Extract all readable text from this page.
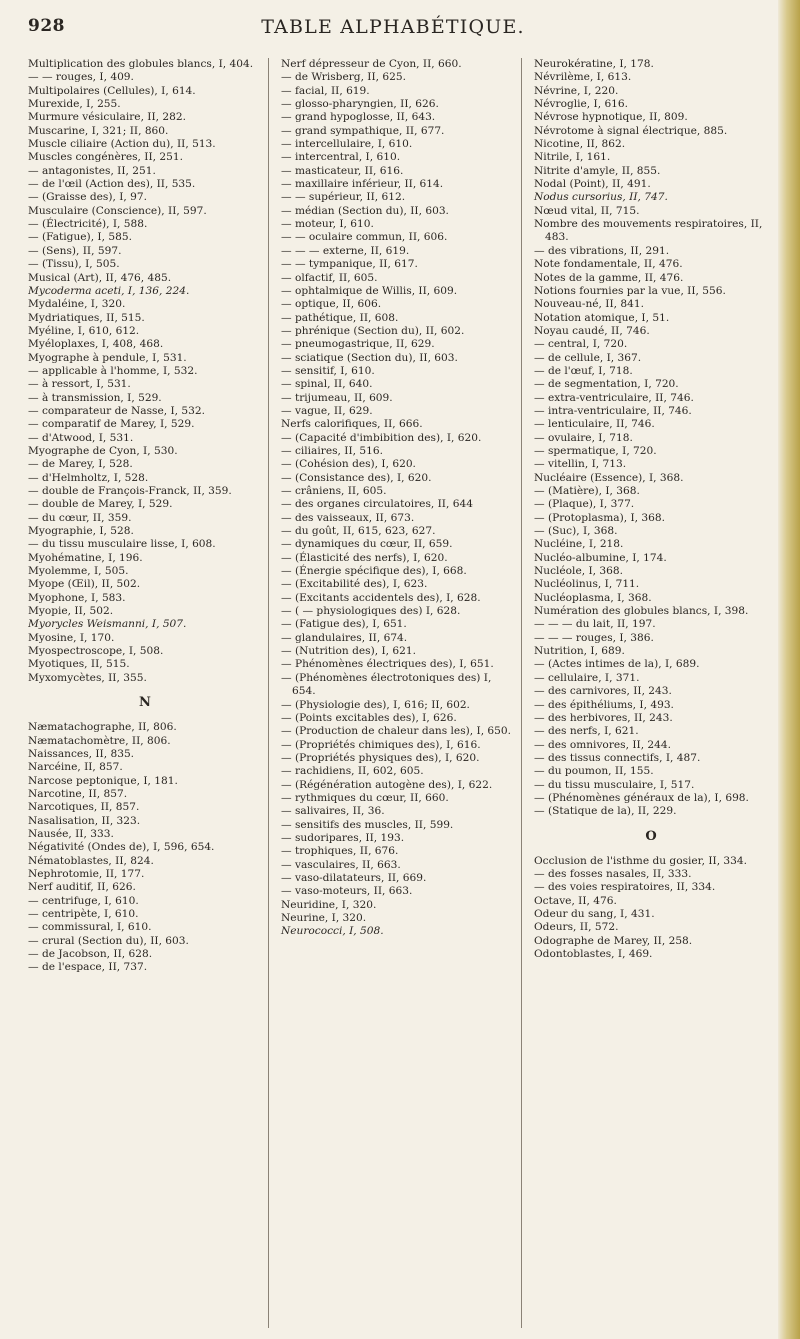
928	TABLE ALPHABÉTIQUE.
Multiplication des globules blancs, I, 404.
— — rouges, I, 409.
Multipolaires (Cellules), I, 614.
Murexide, I, 255.
Murmure vésiculaire, II, 282.
Muscarine, I, 321; II, 860.
Muscle ciliaire (Action du), II, 513.
Muscles congénères, II, 251.
— antagonistes, II, 251.
— de l'œil (Action des), II, 535.
— (Graisse des), I, 97.
Musculaire (Conscience), II, 597.
— (Électricité), I, 588.
— (Fatigue), I, 585.
— (Sens), II, 597.
— (Tissu), I, 505.
Musical (Art), II, 476, 485.
Mycoderma aceti, I, 136, 224.
Mydaléine, I, 320.
Mydriatiques, II, 515.
Myéline, I, 610, 612.
Myéloplaxes, I, 408, 468.
Myographe à pendule, I, 531.
— applicable à l'homme, I, 532.
— à ressort, I, 531.
— à transmission, I, 529.
— comparateur de Nasse, I, 532.
— comparatif de Marey, I, 529.
— d'Atwood, I, 531.
Myographe de Cyon, I, 530.
— de Marey, I, 528.
— d'Helmholtz, I, 528.
— double de François-Franck, II, 359.
— double de Marey, I, 529.
— du cœur, II, 359.
Myographie, I, 528.
— du tissu musculaire lisse, I, 608.
Myohématine, I, 196.
Myolemme, I, 505.
Myope (Œil), II, 502.
Myophone, I, 583.
Myopie, II, 502.
Myorycles Weismanni, I, 507.
Myosine, I, 170.
Myospectroscope, I, 508.
Myotiques, II, 515.
Myxomycètes, II, 355.
N
Næmatachographe, II, 806.
Næmatachomètre, II, 806.
Naissances, II, 835.
Narcéine, II, 857.
Narcose peptonique, I, 181.
Narcotine, II, 857.
Narcotiques, II, 857.
Nasalisation, II, 323.
Nausée, II, 333.
Négativité (Ondes de), I, 596, 654.
Nématoblastes, II, 824.
Nephrotomie, II, 177.
Nerf auditif, II, 626.
— centrifuge, I, 610.
— centripète, I, 610.
— commissural, I, 610.
— crural (Section du), II, 603.
— de Jacobson, II, 628.
— de l'espace, II, 737.
Nerf dépresseur de Cyon, II, 660.
— de Wrisberg, II, 625.
— facial, II, 619.
— glosso-pharyngien, II, 626.
— grand hypoglosse, II, 643.
— grand sympathique, II, 677.
— intercellulaire, I, 610.
— intercentral, I, 610.
— masticateur, II, 616.
— maxillaire inférieur, II, 614.
— — supérieur, II, 612.
— médian (Section du), II, 603.
— moteur, I, 610.
— — oculaire commun, II, 606.
— — — externe, II, 619.
— — tympanique, II, 617.
— olfactif, II, 605.
— ophtalmique de Willis, II, 609.
— optique, II, 606.
— pathétique, II, 608.
— phrénique (Section du), II, 602.
— pneumogastrique, II, 629.
— sciatique (Section du), II, 603.
— sensitif, I, 610.
— spinal, II, 640.
— trijumeau, II, 609.
— vague, II, 629.
Nerfs calorifiques, II, 666.
— (Capacité d'imbibition des), I, 620.
— ciliaires, II, 516.
— (Cohésion des), I, 620.
— (Consistance des), I, 620.
— crâniens, II, 605.
— des organes circulatoires, II, 644
— des vaisseaux, II, 673.
— du goût, II, 615, 623, 627.
— dynamiques du cœur, II, 659.
— (Élasticité des nerfs), I, 620.
— (Énergie spécifique des), I, 668.
— (Excitabilité des), I, 623.
— (Excitants accidentels des), I, 628.
— ( — physiologiques des) I, 628.
— (Fatigue des), I, 651.
— glandulaires, II, 674.
— (Nutrition des), I, 621.
— Phénomènes électriques des), I, 651.
— (Phénomènes électrotoniques des) I, 654.
— (Physiologie des), I, 616; II, 602.
— (Points excitables des), I, 626.
— (Production de chaleur dans les), I, 650.
— (Propriétés chimiques des), I, 616.
— (Propriétés physiques des), I, 620.
— rachidiens, II, 602, 605.
— (Régénération autogène des), I, 622.
— rythmiques du cœur, II, 660.
— salivaires, II, 36.
— sensitifs des muscles, II, 599.
— sudoripares, II, 193.
— trophiques, II, 676.
— vasculaires, II, 663.
— vaso-dilatateurs, II, 669.
— vaso-moteurs, II, 663.
Neuridine, I, 320.
Neurine, I, 320.
Neurococci, I, 508.
Neurokératine, I, 178.
Névrilème, I, 613.
Névrine, I, 220.
Névroglie, I, 616.
Névrose hypnotique, II, 809.
Névrotome à signal électrique, 885.
Nicotine, II, 862.
Nitrile, I, 161.
Nitrite d'amyle, II, 855.
Nodal (Point), II, 491.
Nodus cursorius, II, 747.
Nœud vital, II, 715.
Nombre des mouvements respiratoires, II, 483.
— des vibrations, II, 291.
Note fondamentale, II, 476.
Notes de la gamme, II, 476.
Notions fournies par la vue, II, 556.
Nouveau-né, II, 841.
Notation atomique, I, 51.
Noyau caudé, II, 746.
— central, I, 720.
— de cellule, I, 367.
— de l'œuf, I, 718.
— de segmentation, I, 720.
— extra-ventriculaire, II, 746.
— intra-ventriculaire, II, 746.
— lenticulaire, II, 746.
— ovulaire, I, 718.
— spermatique, I, 720.
— vitellin, I, 713.
Nucléaire (Essence), I, 368.
— (Matière), I, 368.
— (Plaque), I, 377.
— (Protoplasma), I, 368.
— (Suc), I, 368.
Nucléine, I, 218.
Nucléo-albumine, I, 174.
Nucléole, I, 368.
Nucléolinus, I, 711.
Nucléoplasma, I, 368.
Numération des globules blancs, I, 398.
— — — du lait, II, 197.
— — — rouges, I, 386.
Nutrition, I, 689.
— (Actes intimes de la), I, 689.
— cellulaire, I, 371.
— des carnivores, II, 243.
— des épithéliums, I, 493.
— des herbivores, II, 243.
— des nerfs, I, 621.
— des omnivores, II, 244.
— des tissus connectifs, I, 487.
— du poumon, II, 155.
— du tissu musculaire, I, 517.
— (Phénomènes généraux de la), I, 698.
— (Statique de la), II, 229.
O
Occlusion de l'isthme du gosier, II, 334.
— des fosses nasales, II, 333.
— des voies respiratoires, II, 334.
Octave, II, 476.
Odeur du sang, I, 431.
Odeurs, II, 572.
Odographe de Marey, II, 258.
Odontoblastes, I, 469.
